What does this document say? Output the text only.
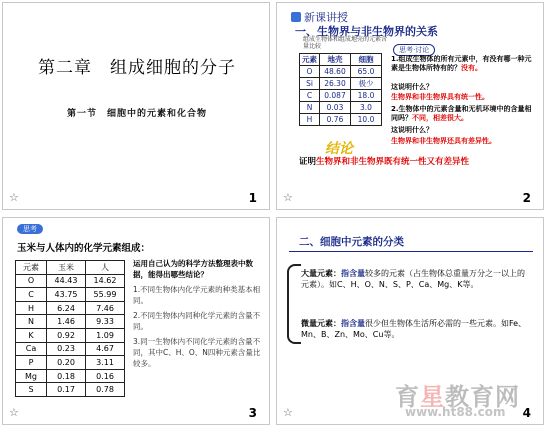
第二章　组成细胞的分子
第一节　细胞中的元素和化合物
☆	1
新课讲授
一、生物界与非生物界的关系
组成生物体和组成地壳的元素含量比较	思考·讨论
元素	地壳	细胞
O	48.60	65.0
Si	26.30	极少
C	0.087	18.0
N	0.03	3.0
H	0.76	10.0
1.组成生物体的所有元素中，有没有哪一种元素是生物体所特有的？没有。
这说明什么？
生物界和非生物界具有统一性。
2.生物体中的元素含量和无机环境中的含量相同吗？不同，相差很大。
这说明什么？
生物界和非生物界还具有差异性。
结论
证明生物界和非生物界既有统一性又有差异性
☆	2
思考
玉米与人体内的化学元素组成：
元素	玉米	人
O	44.43	14.62
C	43.75	55.99
H	6.24	7.46
N	1.46	9.33
K	0.92	1.09
Ca	0.23	4.67
P	0.20	3.11
Mg	0.18	0.16
S	0.17	0.78
运用自己认为的科学方法整理表中数据，能得出哪些结论？
1.不同生物体内化学元素的种类基本相同。
2.不同生物体内同种化学元素的含量不同。
3.同一生物体内不同化学元素的含量不同，其中C、H、O、N四种元素含量比较多。
☆	3
二、细胞中元素的分类
大量元素：指含量较多的元素（占生物体总重量万分之一以上的元素）。如C、H、O、N、S、P、Ca、Mg、K等。
微量元素：指含量很少但生物体生活所必需的一些元素。如Fe、Mn、B、Zn、Mo、Cu等。
育星教育网
www.ht88.com
☆	4
